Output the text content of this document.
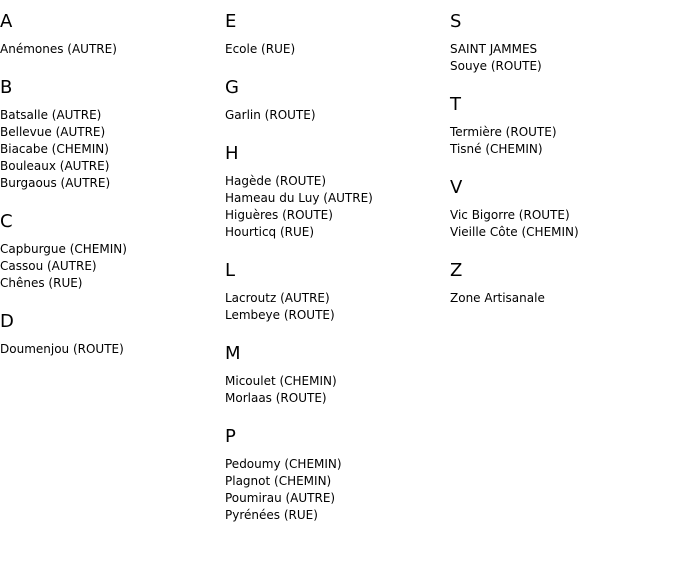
A
Anémones (AUTRE)
B
Batsalle (AUTRE)
Bellevue (AUTRE)
Biacabe (CHEMIN)
Bouleaux (AUTRE)
Burgaous (AUTRE)
C
Capburgue (CHEMIN)
Cassou (AUTRE)
Chênes (RUE)
D
Doumenjou (ROUTE)
E
Ecole (RUE)
G
Garlin (ROUTE)
H
Hagède (ROUTE)
Hameau du Luy (AUTRE)
Higuères (ROUTE)
Hourticq (RUE)
L
Lacroutz (AUTRE)
Lembeye (ROUTE)
M
Micoulet (CHEMIN)
Morlaas (ROUTE)
P
Pedoumy (CHEMIN)
Plagnot (CHEMIN)
Poumirau (AUTRE)
Pyrénées (RUE)
S
SAINT JAMMES
Souye (ROUTE)
T
Termière (ROUTE)
Tisné (CHEMIN)
V
Vic Bigorre (ROUTE)
Vieille Côte (CHEMIN)
Z
Zone Artisanale
